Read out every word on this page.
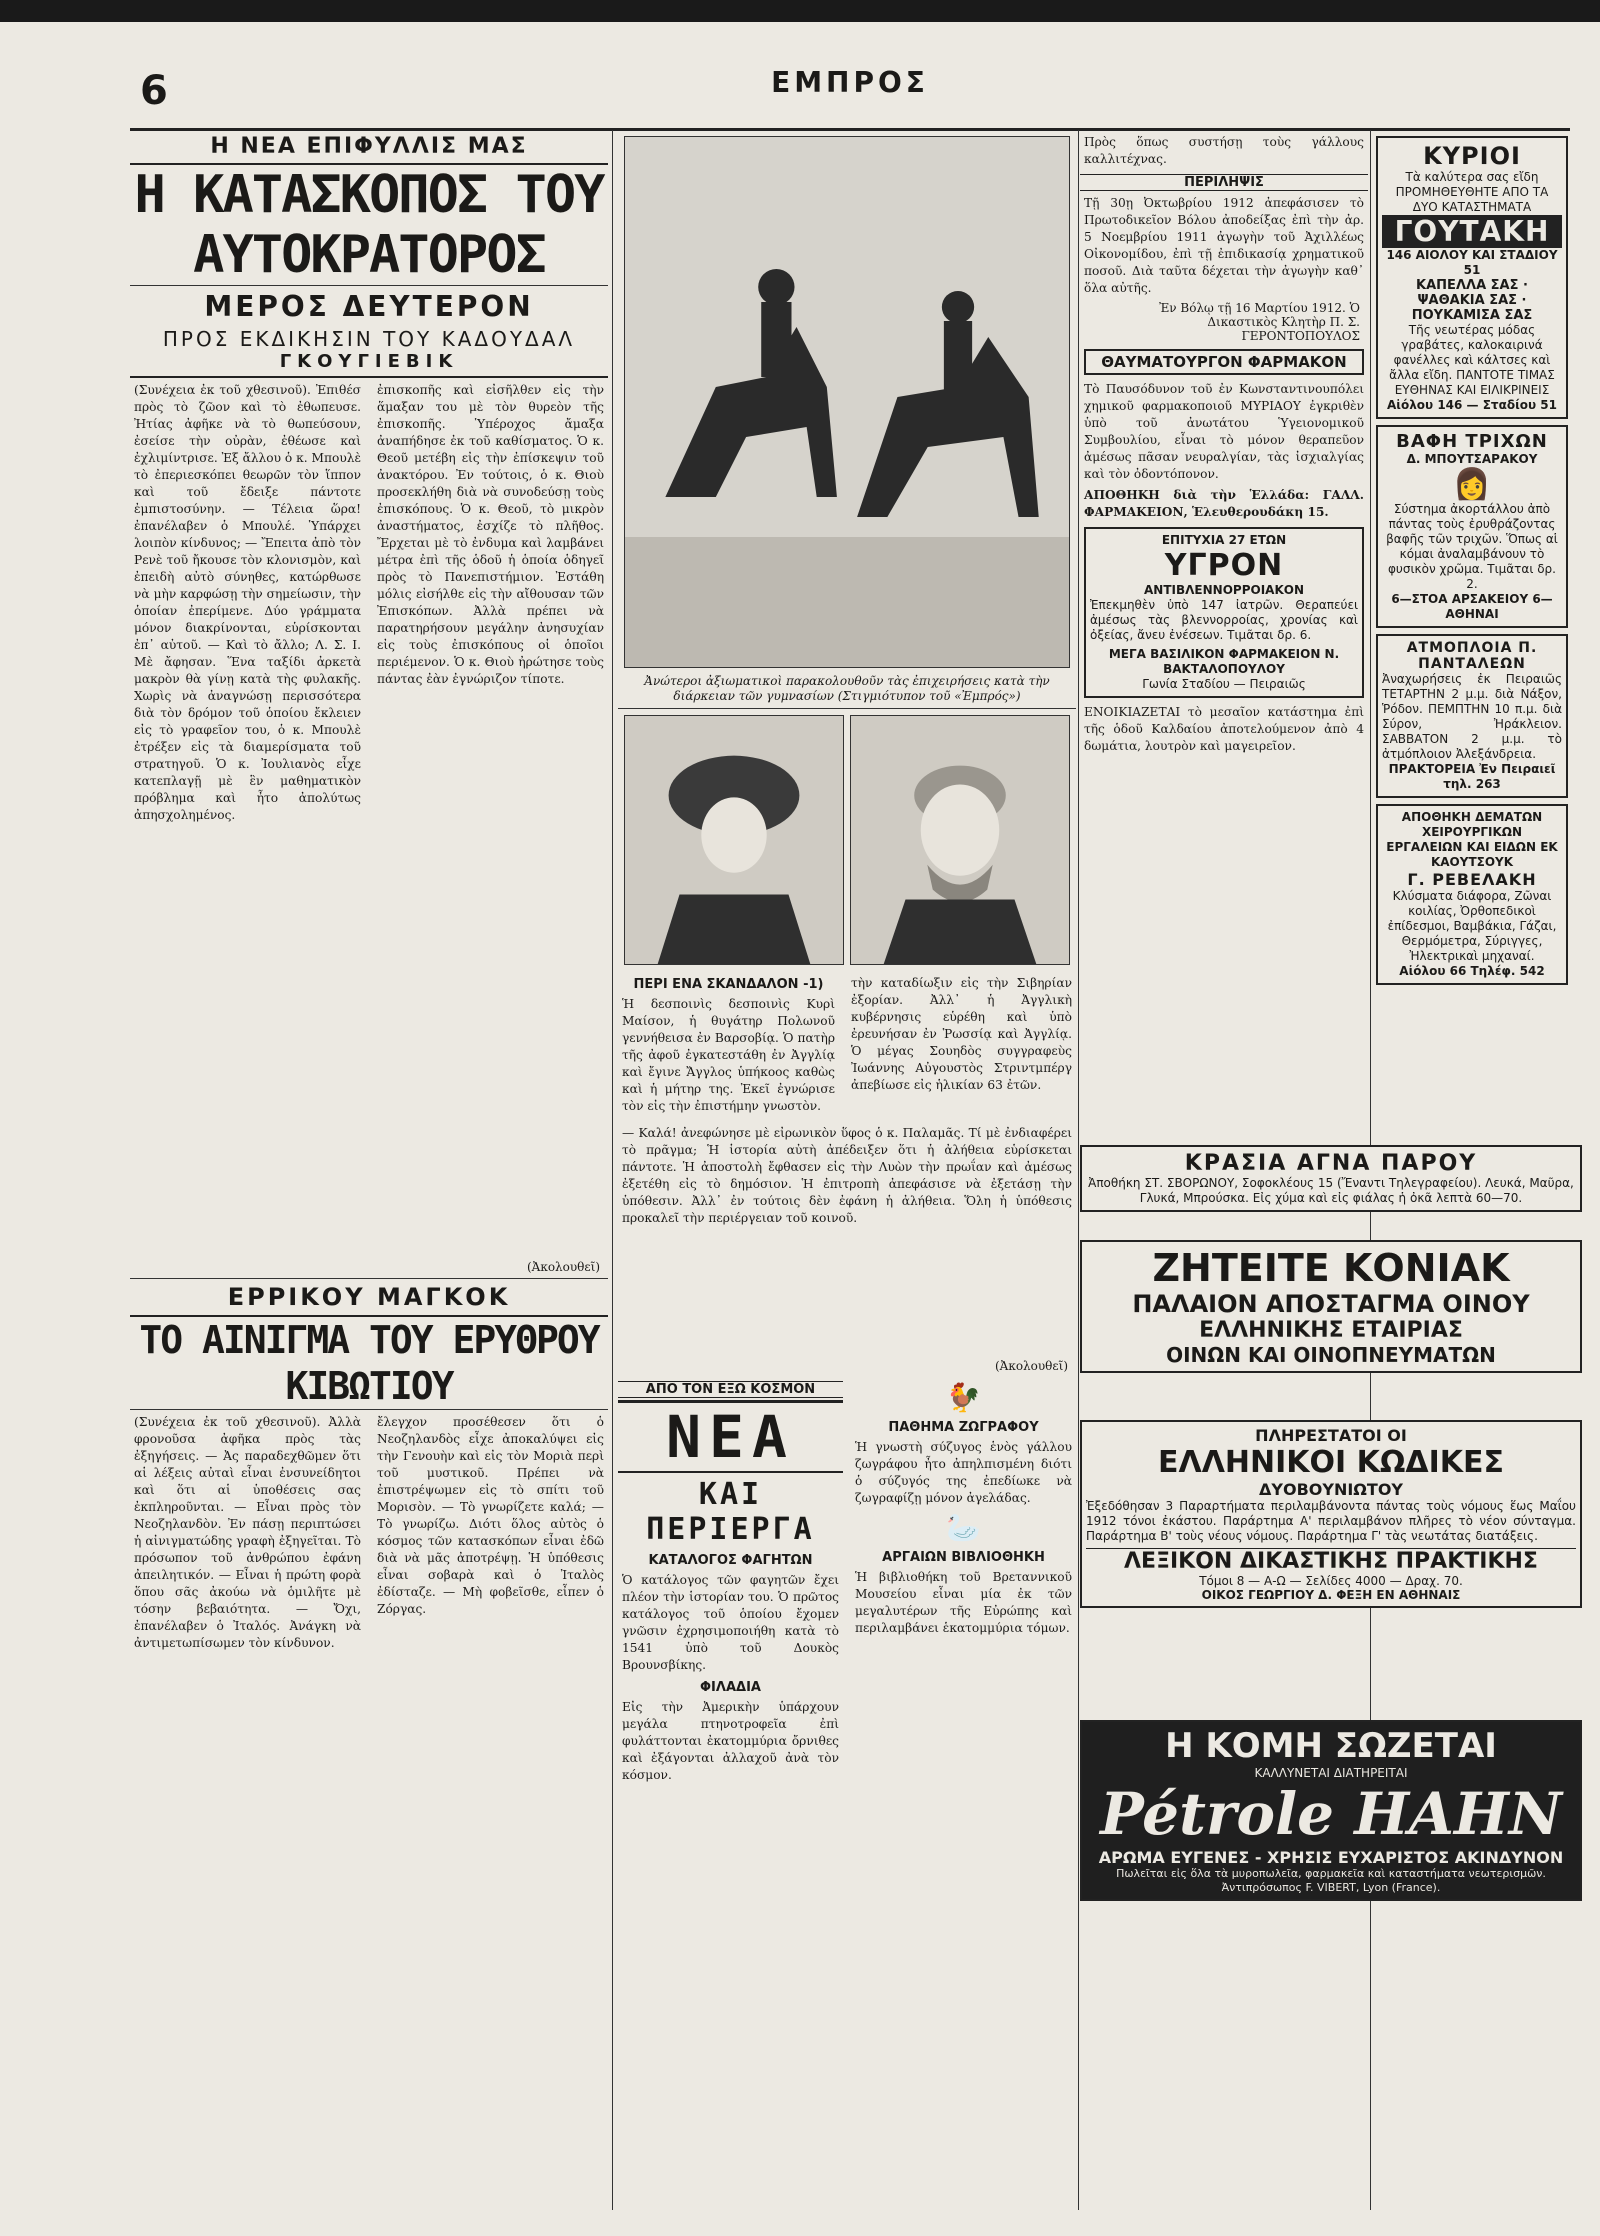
6	ΕΜΠΡΟΣ
Η ΝΕΑ ΕΠΙΦΥΛΛΙΣ ΜΑΣ
Η ΚΑΤΑΣΚΟΠΟΣ ΤΟΥ ΑΥΤΟΚΡΑΤΟΡΟΣ
ΜΕΡΟΣ ΔΕΥΤΕΡΟΝ
ΠΡΟΣ ΕΚΔΙΚΗΣΙΝ ΤΟΥ ΚΑΔΟΥΔΑΛ
ΓΚΟΥΓΙΕΒΙΚ
(Συνέχεια ἐκ τοῦ χθεσινοῦ). Ἐπιθέσ πρὸς τὸ ζῶον καὶ τὸ ἐθωπευσε. Ἠτίας ἀφῆκε νὰ τὸ θωπεύσουν, ἐσείσε τὴν οὐρὰν, ἐθέωσε καὶ ἐχλιμίντρισε. Ἐξ ἄλλου ὁ κ. Μπουλὲ τὸ ἐπεριεσκόπει θεωρῶν τὸν ἵππον καὶ τοῦ ἔδειξε πάντοτε ἐμπιστοσύνην. — Τέλεια ὥρα! ἐπανέλαβεν ὁ Μπουλέ. Ὑπάρχει λοιπὸν κίνδυνος; — Ἔπειτα ἀπὸ τὸν Ρενὲ τοῦ ἤκουσε τὸν κλονισμὸν, καὶ ἐπειδὴ αὐτὸ σύνηθες, κατώρθωσε νὰ μὴν καρφώσῃ τὴν σημείωσιν, τὴν ὁποίαν ἐπερίμενε. Δύο γράμματα μόνον διακρίνονται, εὑρίσκονται ἐπ᾽ αὐτοῦ. — Καὶ τὸ ἄλλο; Λ. Σ. Ι. Μὲ ἄφησαν. Ἕνα ταξίδι ἀρκετὰ μακρὸν θὰ γίνῃ κατὰ τὴς φυλακῆς. Χωρὶς νὰ ἀναγνώσῃ περισσότερα διὰ τὸν δρόμον τοῦ ὁποίου ἔκλειεν εἰς τὸ γραφεῖον του, ὁ κ. Μπουλὲ ἐτρέξεν εἰς τὰ διαμερίσματα τοῦ στρατηγοῦ. Ὁ κ. Ἰουλιανὸς εἶχε κατεπλαγῇ μὲ ἓν μαθηματικὸν πρόβλημα καὶ ἦτο ἀπολύτως ἀπησχολημένος.
ἐπισκοπῆς καὶ εἰσῆλθεν εἰς τὴν ἅμαξαν του μὲ τὸν θυρεὸν τῆς ἐπισκοπῆς. Ὑπέροχος ἄμαξα ἀναπήδησε ἐκ τοῦ καθίσματος. Ὁ κ. Θεοῦ μετέβη εἰς τὴν ἐπίσκεψιν τοῦ ἀνακτόρου. Ἐν τούτοις, ὁ κ. Θιοὺ προσεκλήθη διὰ νὰ συνοδεύσῃ τοὺς ἐπισκόπους. Ὁ κ. Θεοῦ, τὸ μικρὸν ἀναστήματος, ἐσχίζε τὸ πλῆθος. Ἔρχεται μὲ τὸ ἐνδυμα καὶ λαμβάνει μέτρα ἐπὶ τῆς ὁδοῦ ἡ ὁποία ὁδηγεῖ πρὸς τὸ Πανεπιστήμιον. Ἐστάθη μόλις εἰσήλθε εἰς τὴν αἴθουσαν τῶν Ἐπισκόπων. Ἀλλὰ πρέπει νὰ παρατηρήσουν μεγάλην ἀνησυχίαν εἰς τοὺς ἐπισκόπους οἱ ὁποῖοι περιέμενον. Ὁ κ. Θιοὺ ἠρώτησε τοὺς πάντας ἐὰν ἐγνώριζον τίποτε.
(Ἀκολουθεῖ)
ΕΡΡΙΚΟΥ ΜΑΓΚΟΚ
ΤΟ ΑΙΝΙΓΜΑ ΤΟΥ ΕΡΥΘΡΟΥ ΚΙΒΩΤΙΟΥ
(Συνέχεια ἐκ τοῦ χθεσινοῦ). Ἀλλὰ φρονοῦσα ἀφῆκα πρὸς τὰς ἐξηγήσεις. — Ἀς παραδεχθῶμεν ὅτι αἱ λέξεις αὐταὶ εἶναι ἐνσυνείδητοι καὶ ὅτι αἱ ὑποθέσεις σας ἐκπληροῦνται. — Εἶναι πρὸς τὸν Νεοζηλανδὸν. Ἐν πάσῃ περιπτώσει ἡ αἰνιγματώδης γραφὴ ἐξηγεῖται. Τὸ πρόσωπον τοῦ ἀνθρώπου ἐφάνη ἀπειλητικόν. — Εἶναι ἡ πρώτη φορὰ ὅπου σᾶς ἀκούω νὰ ὁμιλῆτε μὲ τόσην βεβαιότητα. — Ὄχι, ἐπανέλαβεν ὁ Ἰταλός. Ἀνάγκη νὰ ἀντιμετωπίσωμεν τὸν κίνδυνον.
ἔλεγχον προσέθεσεν ὅτι ὁ Νεοζηλανδὸς εἶχε ἀποκαλύψει εἰς τὴν Γενουὴν καὶ εἰς τὸν Μοριὰ περὶ τοῦ μυστικοῦ. Πρέπει νὰ ἐπιστρέψωμεν εἰς τὸ σπίτι τοῦ Μορισὸν. — Τὸ γνωρίζετε καλά; — Τὸ γνωρίζω. Διότι ὅλος αὐτὸς ὁ κόσμος τῶν κατασκόπων εἶναι ἐδῶ διὰ νὰ μᾶς ἀποτρέψῃ. Ἡ ὑπόθεσις εἶναι σοβαρὰ καὶ ὁ Ἰταλὸς ἐδίσταζε. — Μὴ φοβεῖσθε, εἶπεν ὁ Ζόργας.
Ἀνώτεροι ἀξιωματικοὶ παρακολουθοῦν τὰς ἐπιχειρήσεις κατὰ τὴν διάρκειαν τῶν γυμνασίων (Στιγμιότυπον τοῦ «Ἐμπρός»)
ΠΕΡΙ ΕΝΑ ΣΚΑΝΔΑΛΟΝ -1)
Ἡ δεσποινὶς δεσποινὶς Κυρὶ Μαίσον, ἡ θυγάτηρ Πολωνοῦ γεννήθεισα ἐν Βαρσοβίᾳ. Ὁ πατὴρ τῆς ἀφοῦ ἐγκατεστάθη ἐν Ἀγγλίᾳ καὶ ἔγινε Ἄγγλος ὑπήκοος καθὼς καὶ ἡ μήτηρ της. Ἐκεῖ ἐγνώρισε τὸν εἰς τὴν ἐπιστήμην γνωστὸν.
τὴν καταδίωξιν εἰς τὴν Σιβηρίαν ἐξορίαν. Ἀλλ᾽ ἡ Ἀγγλικὴ κυβέρνησις εὑρέθη καὶ ὑπὸ ἐρευνήσαν ἐν Ῥωσσίᾳ καὶ Ἀγγλίᾳ. Ὁ μέγας Σουηδὸς συγγραφεὺς Ἰωάννης Αὐγουστὸς Στριντμπέργ ἀπεβίωσε εἰς ἡλικίαν 63 ἐτῶν.
— Καλά! ἀνεφώνησε μὲ εἰρωνικὸν ὕφος ὁ κ. Παλαμᾶς. Τί μὲ ἐνδιαφέρει τὸ πρᾶγμα; Ἡ ἱστορία αὐτὴ ἀπέδειξεν ὅτι ἡ ἀλήθεια εὑρίσκεται πάντοτε. Ἡ ἀποστολὴ ἔφθασεν εἰς τὴν Λυὼν τὴν πρωΐαν καὶ ἀμέσως ἐξετέθη εἰς τὸ δημόσιον. Ἡ ἐπιτροπὴ ἀπεφάσισε νὰ ἐξετάσῃ τὴν ὑπόθεσιν. Ἀλλ᾽ ἐν τούτοις δὲν ἐφάνη ἡ ἀλήθεια. Ὅλη ἡ ὑπόθεσις προκαλεῖ τὴν περιέργειαν τοῦ κοινοῦ.
(Ἀκολουθεῖ)
ΑΠΟ ΤΟΝ ΕΞΩ ΚΟΣΜΟΝ
ΝΕΑ
ΚΑΙ ΠΕΡΙΕΡΓΑ
ΚΑΤΑΛΟΓΟΣ ΦΑΓΗΤΩΝ
Ὁ κατάλογος τῶν φαγητῶν ἔχει πλέον τὴν ἱστορίαν του. Ὁ πρῶτος κατάλογος τοῦ ὁποίου ἔχομεν γνῶσιν ἐχρησιμοποιήθη κατὰ τὸ 1541 ὑπὸ τοῦ Δουκὸς Βρουνσβίκης.
ΦΙΛΑΔΙΑ
Εἰς τὴν Ἀμερικὴν ὑπάρχουν μεγάλα πτηνοτροφεῖα ἐπὶ φυλάττονται ἐκατομμύρια ὄρνιθες καὶ ἐξάγονται ἀλλαχοῦ ἀνὰ τὸν κόσμον.
🐓
ΠΑΘΗΜΑ ΖΩΓΡΑΦΟΥ
Ἡ γνωστὴ σύζυγος ἑνὸς γάλλου ζωγράφου ἦτο ἀπηλπισμένη διότι ὁ σύζυγός της ἐπεδίωκε νὰ ζωγραφίζῃ μόνον ἀγελάδας.
🦢
ΑΡΓΑΙΩΝ ΒΙΒΛΙΟΘΗΚΗ
Ἡ βιβλιοθήκη τοῦ Βρεταννικοῦ Μουσείου εἶναι μία ἐκ τῶν μεγαλυτέρων τῆς Εὐρώπης καὶ περιλαμβάνει ἑκατομμύρια τόμων.
Πρὸς ὅπως συστήσῃ τοὺς γάλλους καλλιτέχνας.
ΠΕΡΙΛΗΨΙΣ
Τῇ 30ῃ Ὀκτωβρίου 1912 ἀπεφάσισεν τὸ Πρωτοδικεῖον Βόλου ἀποδείξας ἐπὶ τὴν ἀρ. 5 Νοεμβρίου 1911 ἀγωγὴν τοῦ Ἀχιλλέως Οἰκονομίδου, ἐπὶ τῇ ἐπιδικασίᾳ χρηματικοῦ ποσοῦ. Διὰ ταῦτα δέχεται τὴν ἀγωγὴν καθ᾽ ὅλα αὐτῆς.
Ἐν Βόλῳ τῇ 16 Μαρτίου 1912. Ὁ Δικαστικὸς Κλητὴρ Π. Σ. ΓΕΡΟΝΤΟΠΟΥΛΟΣ
ΘΑΥΜΑΤΟΥΡΓΟΝ ΦΑΡΜΑΚΟΝ
Τὸ Παυσόδυνον τοῦ ἐν Κωνσταντινουπόλει χημικοῦ φαρμακοποιοῦ ΜΥΡΙΑΟΥ ἐγκριθὲν ὑπὸ τοῦ ἀνωτάτου Ὑγειονομικοῦ Συμβουλίου, εἶναι τὸ μόνον θεραπεῦον ἀμέσως πᾶσαν νευραλγίαν, τὰς ἰσχιαλγίας καὶ τὸν ὀδοντόπονον.
ΑΠΟΘΗΚΗ διὰ τὴν Ἑλλάδα: ΓΑΛΛ. ΦΑΡΜΑΚΕΙΟΝ, Ἑλευθερουδάκη 15.
ΕΠΙΤΥΧΙΑ 27 ΕΤΩΝ
ΥΓΡΟΝ
ΑΝΤΙΒΛΕΝΝΟΡΡΟΙΑΚΟΝ
Ἐπεκμηθὲν ὑπὸ 147 ἰατρῶν. Θεραπεύει ἀμέσως τὰς βλεννορροίας, χρονίας καὶ ὀξείας, ἄνευ ἐνέσεων. Τιμᾶται δρ. 6.
ΜΕΓΑ ΒΑΣΙΛΙΚΟΝ ΦΑΡΜΑΚΕΙΟΝ Ν. ΒΑΚΤΑΛΟΠΟΥΛΟΥ
Γωνία Σταδίου — Πειραιῶς
ΕΝΟΙΚΙΑΖΕΤΑΙ τὸ μεσαῖον κατάστημα ἐπὶ τῆς ὁδοῦ Καλδαίου ἀποτελούμενον ἀπὸ 4 δωμάτια, λουτρὸν καὶ μαγειρεῖον.
ΚΥΡΙΟΙ
Τὰ καλύτερα σας εἴδη ΠΡΟΜΗΘΕΥΘΗΤΕ ΑΠΟ ΤΑ ΔΥΟ ΚΑΤΑΣΤΗΜΑΤΑ
ΓΟΥΤΑΚΗ
146 ΑΙΟΛΟΥ ΚΑΙ ΣΤΑΔΙΟΥ 51
ΚΑΠΕΛΛΑ ΣΑΣ · ΨΑΘΑΚΙΑ ΣΑΣ · ΠΟΥΚΑΜΙΣΑ ΣΑΣ
Τῆς νεωτέρας μόδας γραβάτες, καλοκαιρινά φανέλλες καὶ κάλτσες καὶ ἄλλα εἴδη. ΠΑΝΤΟΤΕ ΤΙΜΑΣ ΕΥΘΗΝΑΣ ΚΑΙ ΕΙΛΙΚΡΙΝΕΙΣ
Αἰόλου 146 — Σταδίου 51
ΒΑΦΗ ΤΡΙΧΩΝ
Δ. ΜΠΟΥΤΣΑΡΑΚΟΥ
👩
Σύστημα ἀκορτάλλου ἀπὸ πάντας τοὺς ἐρυθράζοντας βαφῆς τῶν τριχῶν. Ὅπως αἱ κόμαι ἀναλαμβάνουν τὸ φυσικὸν χρῶμα. Τιμᾶται δρ. 2.
6—ΣΤΟΑ ΑΡΣΑΚΕΙΟΥ 6—ΑΘΗΝΑΙ
ΑΤΜΟΠΛΟΙΑ Π. ΠΑΝΤΑΛΕΩΝ
Ἀναχωρήσεις ἐκ Πειραιῶς ΤΕΤΑΡΤΗΝ 2 μ.μ. διὰ Νάξον, Ῥόδον. ΠΕΜΠΤΗΝ 10 π.μ. διὰ Σύρον, Ἠράκλειον. ΣΑΒΒΑΤΟΝ 2 μ.μ. τὸ ἀτμόπλοιον Ἀλεξάνδρεια.
ΠΡΑΚΤΟΡΕΙΑ Ἐν Πειραιεῖ τηλ. 263
ΑΠΟΘΗΚΗ ΔΕΜΑΤΩΝ ΧΕΙΡΟΥΡΓΙΚΩΝ ΕΡΓΑΛΕΙΩΝ ΚΑΙ ΕΙΔΩΝ ΕΚ ΚΑΟΥΤΣΟΥΚ
Γ. ΡΕΒΕΛΑΚΗ
Κλύσματα διάφορα, Ζῶναι κοιλίας, Ὀρθοπεδικοὶ ἐπίδεσμοι, Βαμβάκια, Γάζαι, Θερμόμετρα, Σύριγγες, Ἠλεκτρικαὶ μηχαναί.
Αἰόλου 66 Τηλέφ. 542
ΚΡΑΣΙΑ ΑΓΝΑ ΠΑΡΟΥ
Ἀποθήκη ΣΤ. ΣΒΟΡΩΝΟΥ, Σοφοκλέους 15 (Ἔναντι Τηλεγραφείου). Λευκά, Μαῦρα, Γλυκά, Μπρούσκα. Εἰς χύμα καὶ εἰς φιάλας ἡ ὀκᾶ λεπτὰ 60—70.
ΖΗΤΕΙΤΕ ΚΟΝΙΑΚ
ΠΑΛΑΙΟΝ ΑΠΟΣΤΑΓΜΑ ΟΙΝΟΥ
ΕΛΛΗΝΙΚΗΣ ΕΤΑΙΡΙΑΣ
ΟΙΝΩΝ ΚΑΙ ΟΙΝΟΠΝΕΥΜΑΤΩΝ
ΠΛΗΡΕΣΤΑΤΟΙ ΟΙ
ΕΛΛΗΝΙΚΟΙ ΚΩΔΙΚΕΣ
ΔΥΟΒΟΥΝΙΩΤΟΥ
Ἐξεδόθησαν 3 Παραρτήματα περιλαμβάνοντα πάντας τοὺς νόμους ἕως Μαΐου 1912 τόνοι ἐκάστου. Παράρτημα Α' περιλαμβάνον πλῆρες τὸ νέον σύνταγμα. Παράρτημα Β' τοὺς νέους νόμους. Παράρτημα Γ' τὰς νεωτάτας διατάξεις.
ΛΕΞΙΚΟΝ ΔΙΚΑΣΤΙΚΗΣ ΠΡΑΚΤΙΚΗΣ
Τόμοι 8 — Α-Ω — Σελίδες 4000 — Δραχ. 70.
ΟΙΚΟΣ ΓΕΩΡΓΙΟΥ Δ. ΦΕΞΗ ΕΝ ΑΘΗΝΑΙΣ
Η ΚΟΜΗ ΣΩΖΕΤΑΙ
ΚΑΛΛΥΝΕΤΑΙ ΔΙΑΤΗΡΕΙΤΑΙ
Pétrole HAHN
ΑΡΩΜΑ ΕΥΓΕΝΕΣ - ΧΡΗΣΙΣ ΕΥΧΑΡΙΣΤΟΣ ΑΚΙΝΔΥΝΟΝ
Πωλεῖται εἰς ὅλα τὰ μυροπωλεῖα, φαρμακεῖα καὶ καταστήματα νεωτερισμῶν. Ἀντιπρόσωπος F. VIBERT, Lyon (France).
